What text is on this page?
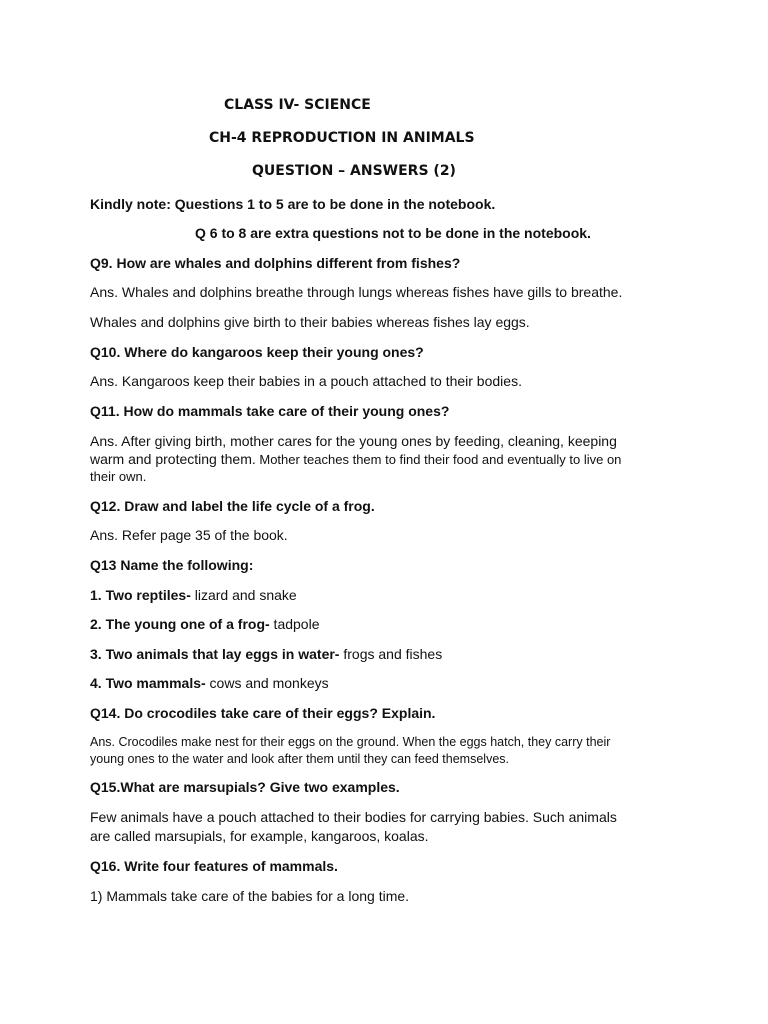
CLASS IV- SCIENCE
CH-4 REPRODUCTION IN ANIMALS
QUESTION – ANSWERS (2)
Kindly note: Questions 1 to 5 are to be done in the notebook.
Q 6 to 8 are extra questions not to be done in the notebook.
Q9. How are whales and dolphins different from fishes?
Ans. Whales and dolphins breathe through lungs whereas fishes have gills to breathe.
Whales and dolphins give birth to their babies whereas fishes lay eggs.
Q10. Where do kangaroos keep their young ones?
Ans. Kangaroos keep their babies in a pouch attached to their bodies.
Q11. How do mammals take care of their young ones?
Ans. After giving birth, mother cares for the young ones by feeding, cleaning, keeping
warm and protecting them. Mother teaches them to find their food and eventually to live on
their own.
Q12. Draw and label the life cycle of a frog.
Ans. Refer page 35 of the book.
Q13 Name the following:
1. Two reptiles- lizard and snake
2. The young one of a frog- tadpole
3. Two animals that lay eggs in water- frogs and fishes
4. Two mammals- cows and monkeys
Q14. Do crocodiles take care of their eggs? Explain.
Ans. Crocodiles make nest for their eggs on the ground. When the eggs hatch, they carry their
young ones to the water and look after them until they can feed themselves.
Q15.What are marsupials? Give two examples.
Few animals have a pouch attached to their bodies for carrying babies. Such animals
are called marsupials, for example, kangaroos, koalas.
Q16. Write four features of mammals.
1) Mammals take care of the babies for a long time.
